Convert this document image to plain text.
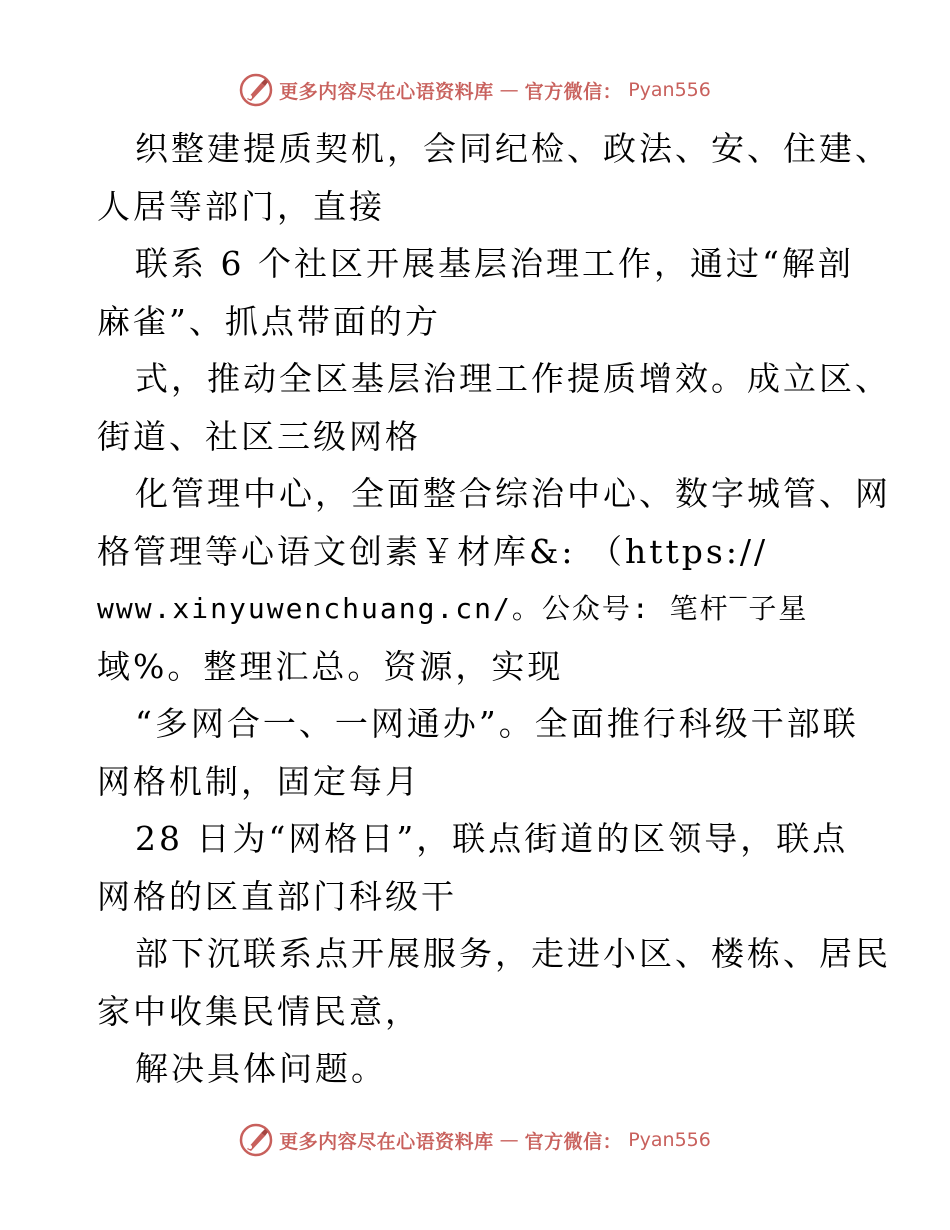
更多内容尽在心语资料库 — 官方微信： Pyan556
织整建提质契机，会同纪检、政法、安、住建、
人居等部门，直接
联系 6 个社区开展基层治理工作，通过“解剖
麻雀”、抓点带面的方
式，推动全区基层治理工作提质增效。成立区、
街道、社区三级网格
化管理中心，全面整合综治中心、数字城管、网
格管理等心语文创素￥材库&: （https://
www.xinyuwenchuang.cn/。公众号: 笔杆‾子星
域%。整理汇总。资源，实现
“多网合一、一网通办”。全面推行科级干部联
网格机制，固定每月
28 日为“网格日”，联点街道的区领导，联点
网格的区直部门科级干
部下沉联系点开展服务，走进小区、楼栋、居民
家中收集民情民意，
解决具体问题。
更多内容尽在心语资料库 — 官方微信： Pyan556
